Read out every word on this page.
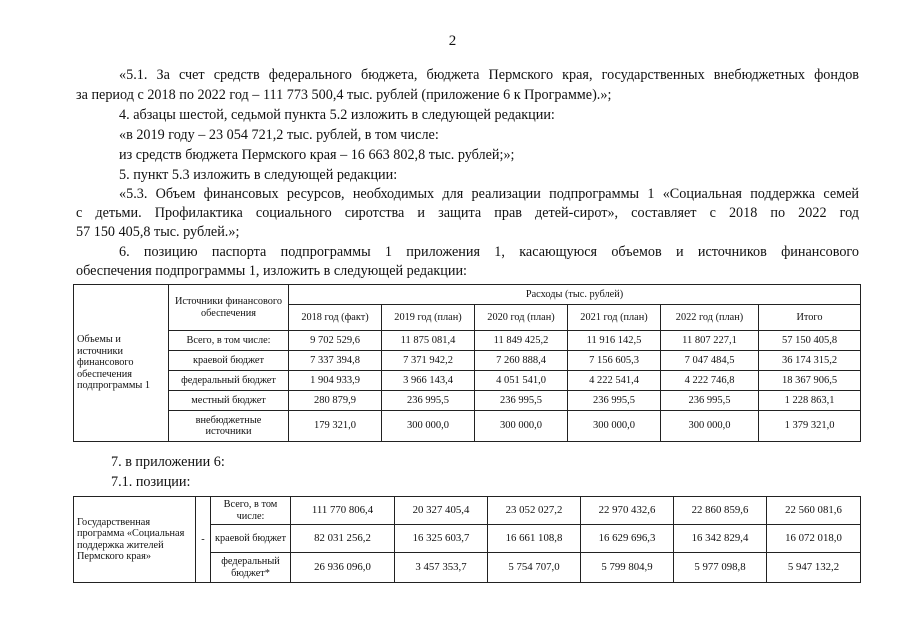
2
«5.1. За счет средств федерального бюджета, бюджета Пермского края, государственных внебюджетных фондов
за период с 2018 по 2022 год – 111 773 500,4 тыс. рублей (приложение 6 к Программе).»;
4. абзацы шестой, седьмой пункта 5.2 изложить в следующей редакции:
«в 2019 году – 23 054 721,2 тыс. рублей, в том числе:
из средств бюджета Пермского края – 16 663 802,8 тыс. рублей;»;
5. пункт 5.3 изложить в следующей редакции:
«5.3. Объем финансовых ресурсов, необходимых для реализации подпрограммы 1 «Социальная поддержка семей
с детьми. Профилактика социального сиротства и защита прав детей-сирот», составляет с 2018 по 2022 год
57 150 405,8 тыс. рублей.»;
6. позицию паспорта подпрограммы 1 приложения 1, касающуюся объемов и источников финансового
обеспечения подпрограммы 1, изложить в следующей редакции:
Объемы и источники финансового обеспечения подпрограммы 1	Источники финансового обеспечения	Расходы (тыс. рублей)					
		2018 год (факт)	2019 год (план)	2020 год (план)	2021 год (план)	2022 год (план)	Итого
	Всего, в том числе:	9 702 529,6	11 875 081,4	11 849 425,2	11 916 142,5	11 807 227,1	57 150 405,8
	краевой бюджет	7 337 394,8	7 371 942,2	7 260 888,4	7 156 605,3	7 047 484,5	36 174 315,2
	федеральный бюджет	1 904 933,9	3 966 143,4	4 051 541,0	4 222 541,4	4 222 746,8	18 367 906,5
	местный бюджет	280 879,9	236 995,5	236 995,5	236 995,5	236 995,5	1 228 863,1
	внебюджетные источники	179 321,0	300 000,0	300 000,0	300 000,0	300 000,0	1 379 321,0
7. в приложении 6:
7.1. позиции:
Государственная программа «Социальная поддержка жителей Пермского края»	-	Всего, в том числе:	111 770 806,4	20 327 405,4	23 052 027,2	22 970 432,6	22 860 859,6	22 560 081,6
		краевой бюджет	82 031 256,2	16 325 603,7	16 661 108,8	16 629 696,3	16 342 829,4	16 072 018,0
		федеральный бюджет*	26 936 096,0	3 457 353,7	5 754 707,0	5 799 804,9	5 977 098,8	5 947 132,2
